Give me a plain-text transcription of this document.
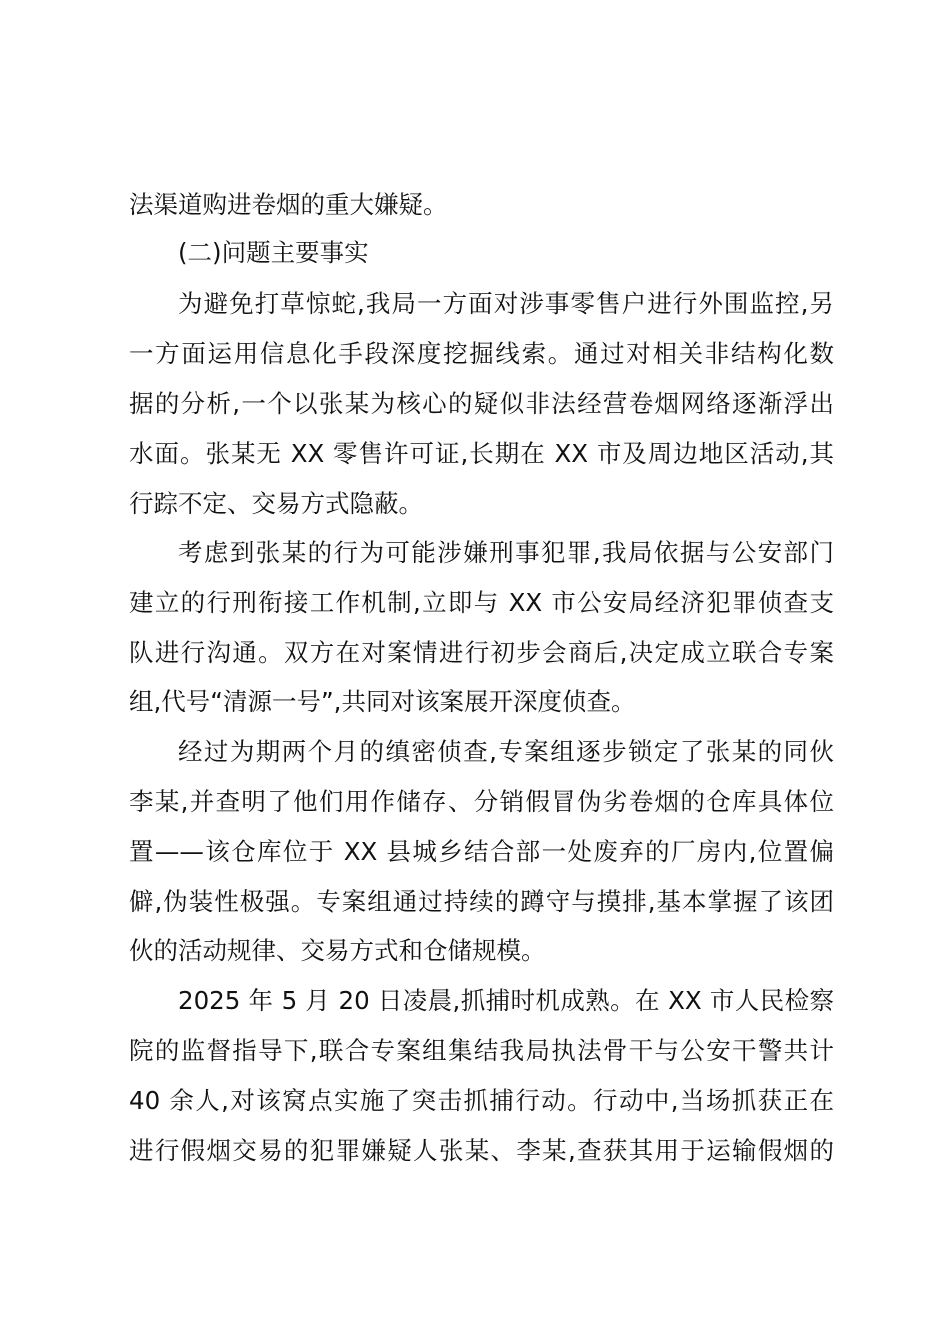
法渠道购进卷烟的重大嫌疑。
(二)问题主要事实
为避免打草惊蛇,我局一方面对涉事零售户进行外围监控,另
一方面运用信息化手段深度挖掘线索。通过对相关非结构化数
据的分析,一个以张某为核心的疑似非法经营卷烟网络逐渐浮出
水面。张某无 XX 零售许可证,长期在 XX 市及周边地区活动,其
行踪不定、交易方式隐蔽。
考虑到张某的行为可能涉嫌刑事犯罪,我局依据与公安部门
建立的行刑衔接工作机制,立即与 XX 市公安局经济犯罪侦查支
队进行沟通。双方在对案情进行初步会商后,决定成立联合专案
组,代号“清源一号”,共同对该案展开深度侦查。
经过为期两个月的缜密侦查,专案组逐步锁定了张某的同伙
李某,并查明了他们用作储存、分销假冒伪劣卷烟的仓库具体位
置——该仓库位于 XX 县城乡结合部一处废弃的厂房内,位置偏
僻,伪装性极强。专案组通过持续的蹲守与摸排,基本掌握了该团
伙的活动规律、交易方式和仓储规模。
2025 年 5 月 20 日凌晨,抓捕时机成熟。在 XX 市人民检察
院的监督指导下,联合专案组集结我局执法骨干与公安干警共计
40 余人,对该窝点实施了突击抓捕行动。行动中,当场抓获正在
进行假烟交易的犯罪嫌疑人张某、李某,查获其用于运输假烟的
